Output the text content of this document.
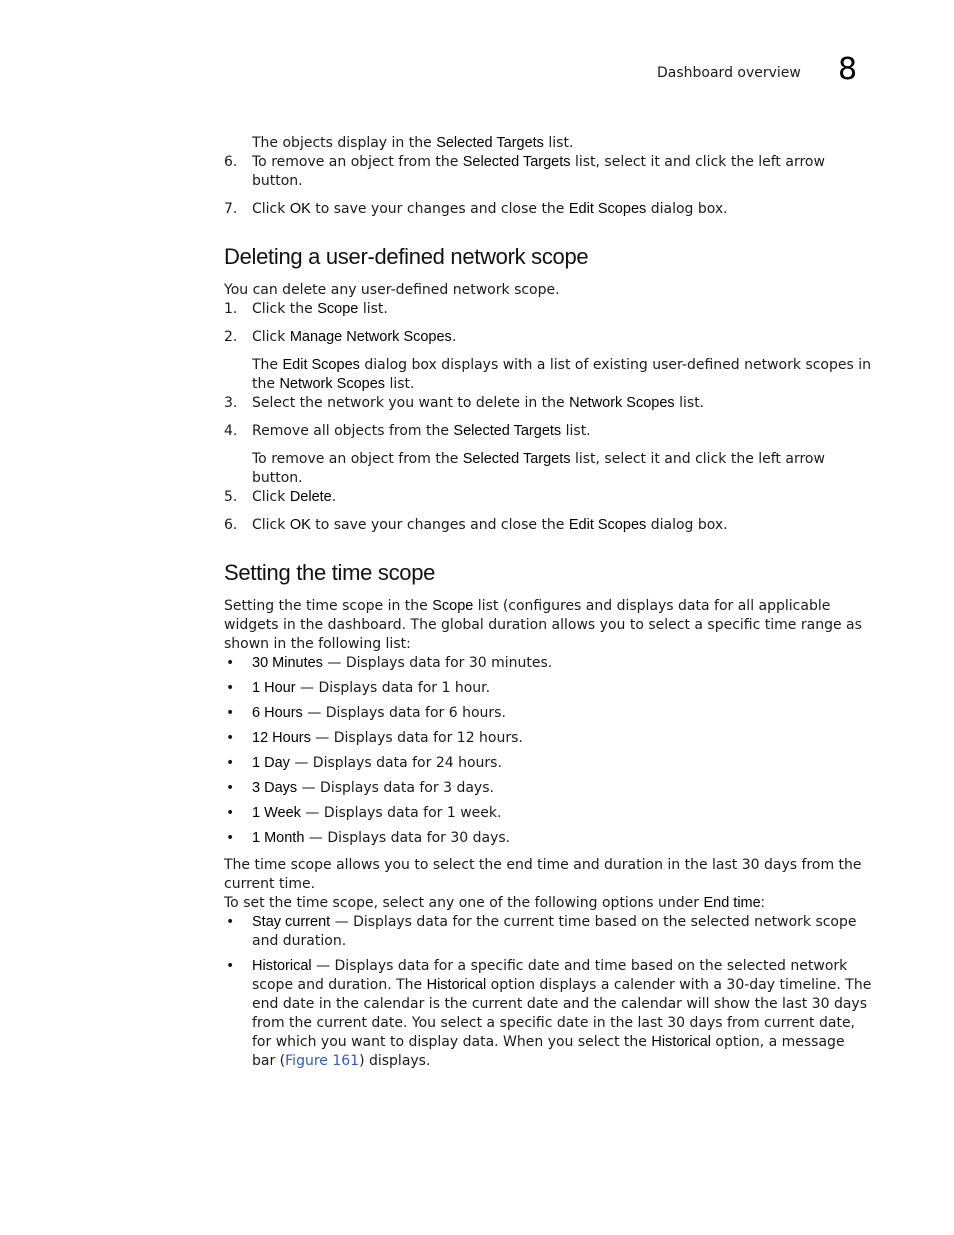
Dashboard overview 8

The objects display in the Selected Targets list.

6. To remove an object from the Selected Targets list, select it and click the left arrow button.
7. Click OK to save your changes and close the Edit Scopes dialog box.
Deleting a user-defined network scope

You can delete any user-defined network scope.

1. Click the Scope list.
2. Click Manage Network Scopes.

The Edit Scopes dialog box displays with a list of existing user-defined network scopes in the Network Scopes list.

3. Select the network you want to delete in the Network Scopes list.
4. Remove all objects from the Selected Targets list.

To remove an object from the Selected Targets list, select it and click the left arrow button.

5. Click Delete.
6. Click OK to save your changes and close the Edit Scopes dialog box.
Setting the time scope

Setting the time scope in the Scope list (configures and displays data for all applicable widgets in the dashboard. The global duration allows you to select a specific time range as shown in the following list:

• 30 Minutes — Displays data for 30 minutes.
• 1 Hour — Displays data for 1 hour.
• 6 Hours — Displays data for 6 hours.
• 12 Hours — Displays data for 12 hours.
• 1 Day — Displays data for 24 hours.
• 3 Days — Displays data for 3 days.
• 1 Week — Displays data for 1 week.
• 1 Month — Displays data for 30 days.

The time scope allows you to select the end time and duration in the last 30 days from the current time.

To set the time scope, select any one of the following options under End time:

• Stay current — Displays data for the current time based on the selected network scope and duration.
• Historical — Displays data for a specific date and time based on the selected network scope and duration. The Historical option displays a calender with a 30-day timeline. The end date in the calendar is the current date and the calendar will show the last 30 days from the current date. You select a specific date in the last 30 days from current date, for which you want to display data. When you select the Historical option, a message bar (Figure 161) displays.
